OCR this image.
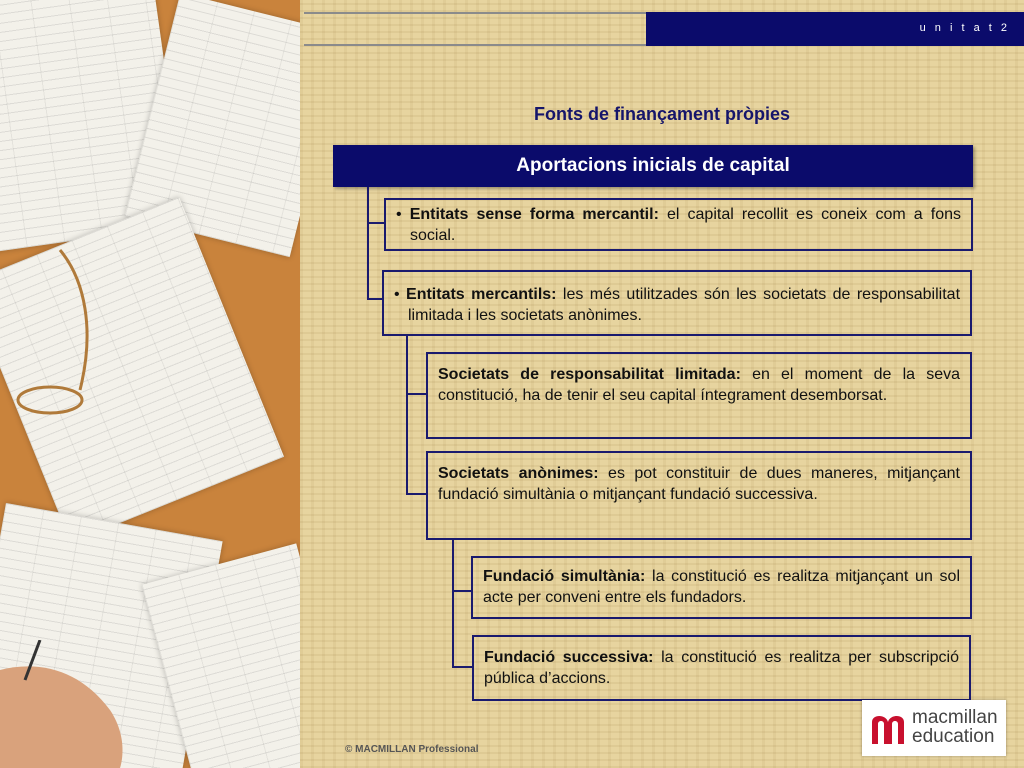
u n i t a t 2
Fonts de finançament pròpies
Aportacions inicials de capital
• Entitats sense forma mercantil: el capital recollit es coneix com a fons social.
• Entitats mercantils: les més utilitzades són les societats de responsabilitat limitada i les societats anònimes.
Societats de responsabilitat limitada: en el moment de la seva constitució, ha de tenir el seu capital íntegrament desemborsat.
Societats anònimes: es pot constituir de dues maneres, mitjançant fundació simultània o mitjançant fundació successiva.
Fundació simultània: la constitució es realitza mitjançant un sol acte per conveni entre els fundadors.
Fundació successiva: la constitució es realitza per subscripció pública d’accions.
© MACMILLAN Professional
macmillan
education
